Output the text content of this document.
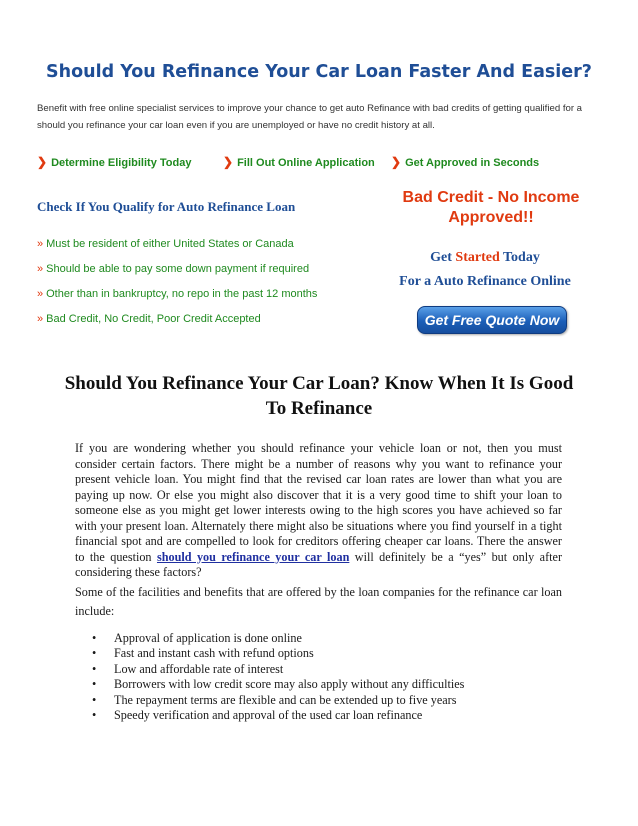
Should You Refinance Your Car Loan Faster And Easier?
Benefit with free online specialist services to improve your chance to get auto Refinance with bad credits of getting qualified for a should you refinance your car loan even if you are unemployed or have no credit history at all.
❯ Determine Eligibility Today	❯ Fill Out Online Application ❯ Get Approved in Seconds
Check If You Qualify for Auto Refinance Loan
» Must be resident of either United States or Canada
» Should be able to pay some down payment if required
» Other than in bankruptcy, no repo in the past 12 months
» Bad Credit, No Credit, Poor Credit Accepted
Bad Credit - No Income Approved!!
Get Started Today
For a Auto Refinance Online
Get Free Quote Now >>
Should You Refinance Your Car Loan? Know When It Is Good To Refinance

If you are wondering whether you should refinance your vehicle loan or not, then you must consider certain factors. There might be a number of reasons why you want to refinance your present vehicle loan. You might find that the revised car loan rates are lower than what you are paying up now. Or else you might also discover that it is a very good time to shift your loan to someone else as you might get lower interests owing to the high scores you have achieved so far with your present loan. Alternately there might also be situations where you find yourself in a tight financial spot and are compelled to look for creditors offering cheaper car loans. There the answer to the question should you refinance your car loan will definitely be a “yes” but only after considering these factors?

Some of the facilities and benefits that are offered by the loan companies for the refinance car loan include:
• Approval of application is done online
• Fast and instant cash with refund options
• Low and affordable rate of interest
• Borrowers with low credit score may also apply without any difficulties
• The repayment terms are flexible and can be extended up to five years
• Speedy verification and approval of the used car loan refinance
